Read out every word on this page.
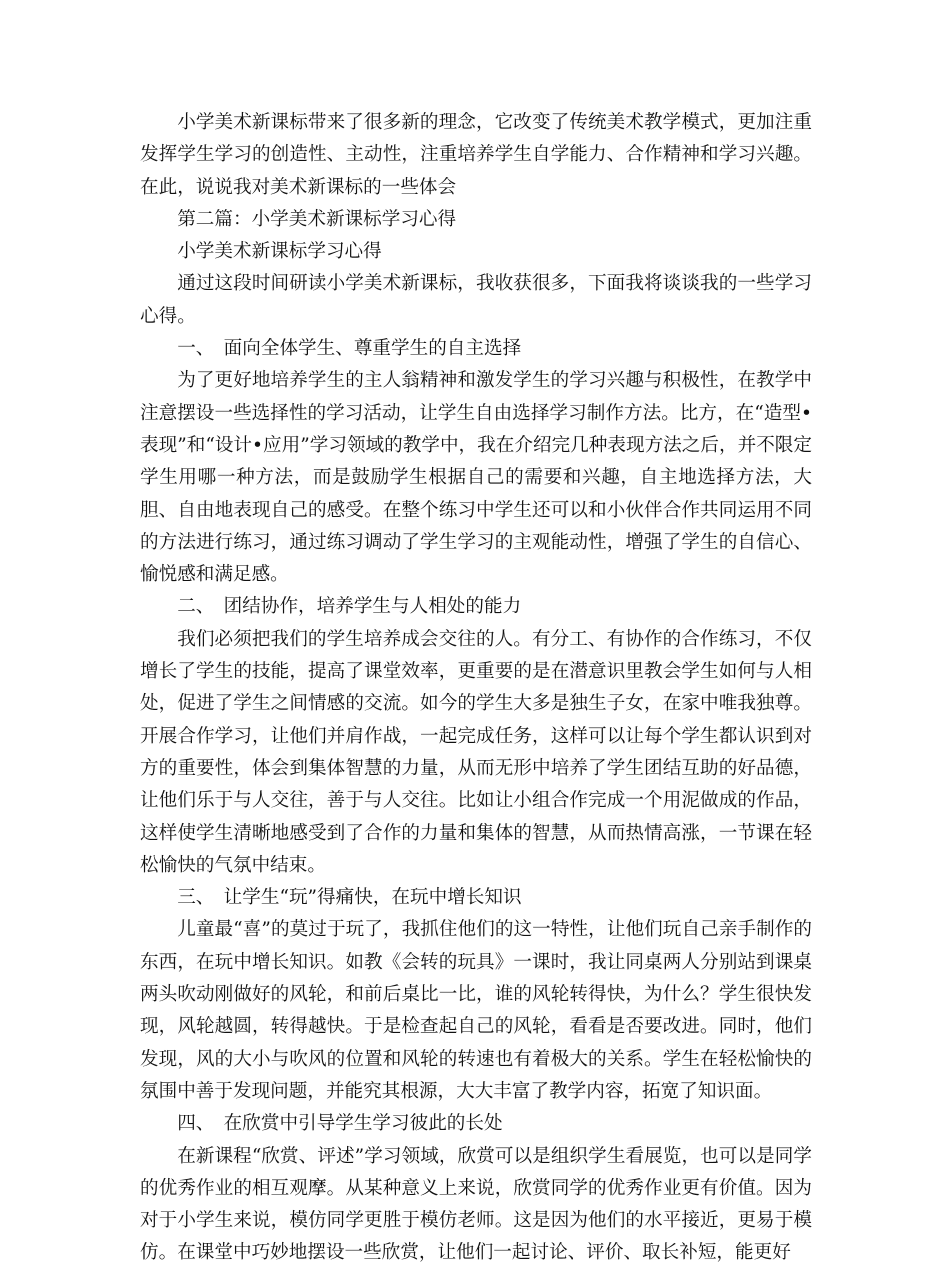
小学美术新课标带来了很多新的理念，它改变了传统美术教学模式，更加注重发挥学生学习的创造性、主动性，注重培养学生自学能力、合作精神和学习兴趣。在此，说说我对美术新课标的一些体会

第二篇：小学美术新课标学习心得

小学美术新课标学习心得

通过这段时间研读小学美术新课标，我收获很多，下面我将谈谈我的一些学习心得。

一、　面向全体学生、尊重学生的自主选择

为了更好地培养学生的主人翁精神和激发学生的学习兴趣与积极性，在教学中注意摆设一些选择性的学习活动，让学生自由选择学习制作方法。比方，在“造型•表现”和“设计•应用”学习领域的教学中，我在介绍完几种表现方法之后，并不限定学生用哪一种方法，而是鼓励学生根据自己的需要和兴趣，自主地选择方法，大胆、自由地表现自己的感受。在整个练习中学生还可以和小伙伴合作共同运用不同的方法进行练习，通过练习调动了学生学习的主观能动性，增强了学生的自信心、愉悦感和满足感。

二、　团结协作，培养学生与人相处的能力

我们必须把我们的学生培养成会交往的人。有分工、有协作的合作练习，不仅增长了学生的技能，提高了课堂效率，更重要的是在潜意识里教会学生如何与人相处，促进了学生之间情感的交流。如今的学生大多是独生子女，在家中唯我独尊。开展合作学习，让他们并肩作战，一起完成任务，这样可以让每个学生都认识到对方的重要性，体会到集体智慧的力量，从而无形中培养了学生团结互助的好品德，让他们乐于与人交往，善于与人交往。比如让小组合作完成一个用泥做成的作品，这样使学生清晰地感受到了合作的力量和集体的智慧，从而热情高涨，一节课在轻松愉快的气氛中结束。

三、　让学生“玩”得痛快，在玩中增长知识

儿童最“喜”的莫过于玩了，我抓住他们的这一特性，让他们玩自己亲手制作的东西，在玩中增长知识。如教《会转的玩具》一课时，我让同桌两人分别站到课桌两头吹动刚做好的风轮，和前后桌比一比，谁的风轮转得快，为什么？学生很快发现，风轮越圆，转得越快。于是检查起自己的风轮，看看是否要改进。同时，他们发现，风的大小与吹风的位置和风轮的转速也有着极大的关系。学生在轻松愉快的氛围中善于发现问题，并能究其根源，大大丰富了教学内容，拓宽了知识面。

四、　在欣赏中引导学生学习彼此的长处

在新课程“欣赏、评述”学习领域，欣赏可以是组织学生看展览，也可以是同学的优秀作业的相互观摩。从某种意义上来说，欣赏同学的优秀作业更有价值。因为对于小学生来说，模仿同学更胜于模仿老师。这是因为他们的水平接近，更易于模仿。在课堂中巧妙地摆设一些欣赏，让他们一起讨论、评价、取长补短，能更好
